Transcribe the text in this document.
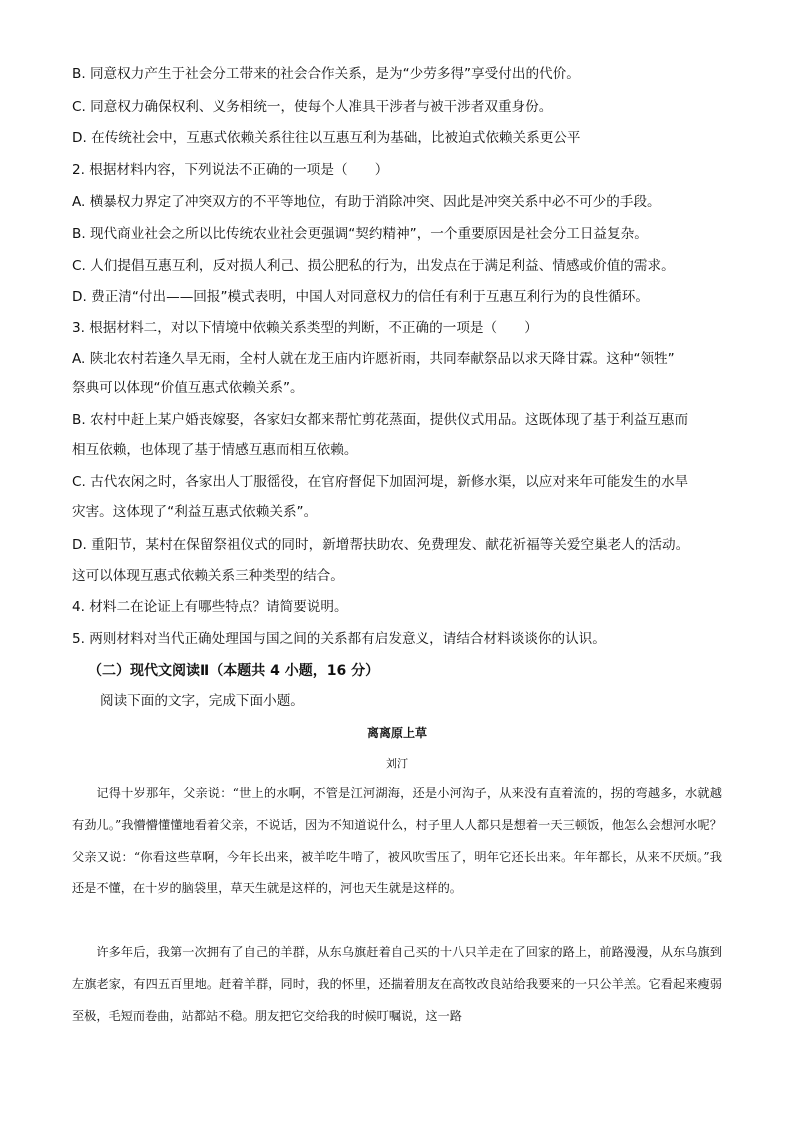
B. 同意权力产生于社会分工带来的社会合作关系，是为“少劳多得”享受付出的代价。
C. 同意权力确保权利、义务相统一，使每个人准具干涉者与被干涉者双重身份。
D. 在传统社会中，互惠式依赖关系往往以互惠互利为基础，比被迫式依赖关系更公平
2. 根据材料内容，下列说法不正确的一项是（　　）
A. 横暴权力界定了冲突双方的不平等地位，有助于消除冲突、因此是冲突关系中必不可少的手段。
B. 现代商业社会之所以比传统农业社会更强调“契约精神”，一个重要原因是社会分工日益复杂。
C. 人们提倡互惠互利，反对损人利己、损公肥私的行为，出发点在于满足利益、情感或价值的需求。
D. 费正清“付出——回报”模式表明，中国人对同意权力的信任有利于互惠互利行为的良性循环。
3. 根据材料二，对以下情境中依赖关系类型的判断，不正确的一项是（　　）
A. 陕北农村若逢久旱无雨，全村人就在龙王庙内许愿祈雨，共同奉献祭品以求天降甘霖。这种“领牲”
祭典可以体现“价值互惠式依赖关系”。
B. 农村中赶上某户婚丧嫁娶，各家妇女都来帮忙剪花蒸面，提供仪式用品。这既体现了基于利益互惠而
相互依赖，也体现了基于情感互惠而相互依赖。
C. 古代农闲之时，各家出人丁服徭役，在官府督促下加固河堤，新修水渠，以应对来年可能发生的水旱
灾害。这体现了“利益互惠式依赖关系”。
D. 重阳节，某村在保留祭祖仪式的同时，新增帮扶助农、免费理发、献花祈福等关爱空巢老人的活动。
这可以体现互惠式依赖关系三种类型的结合。
4. 材料二在论证上有哪些特点？请简要说明。
5. 两则材料对当代正确处理国与国之间的关系都有启发意义，请结合材料谈谈你的认识。
（二）现代文阅读Ⅱ（本题共 4 小题，16 分）
阅读下面的文字，完成下面小题。
离离原上草
刘汀

记得十岁那年，父亲说：“世上的水啊，不管是江河湖海，还是小河沟子，从来没有直着流的，拐的弯越多，水就越有劲儿。”我懵懵懂懂地看着父亲，不说话，因为不知道说什么，村子里人人都只是想着一天三顿饭，他怎么会想河水呢？父亲又说：“你看这些草啊，今年长出来，被羊吃牛啃了，被风吹雪压了，明年它还长出来。年年都长，从来不厌烦。”我还是不懂，在十岁的脑袋里，草天生就是这样的，河也天生就是这样的。

许多年后，我第一次拥有了自己的羊群，从东乌旗赶着自己买的十八只羊走在了回家的路上，前路漫漫，从东乌旗到左旗老家，有四五百里地。赶着羊群，同时，我的怀里，还揣着朋友在高牧改良站给我要来的一只公羊羔。它看起来瘦弱至极，毛短而卷曲，站都站不稳。朋友把它交给我的时候叮嘱说，这一路
